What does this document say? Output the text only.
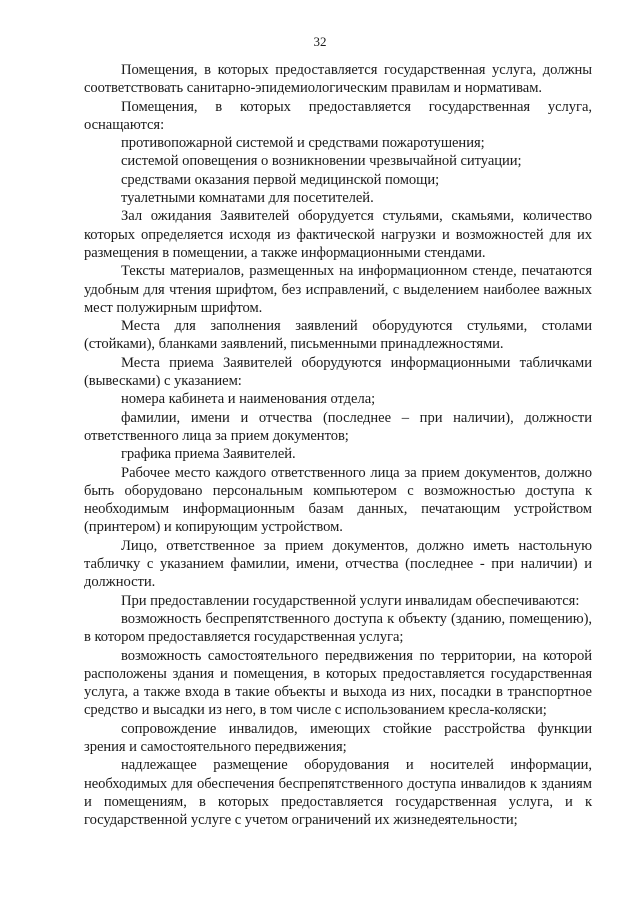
32

Помещения, в которых предоставляется государственная услуга, должны соответствовать санитарно-эпидемиологическим правилам и нормативам.

Помещения, в которых предоставляется государственная услуга, оснащаются:

противопожарной системой и средствами пожаротушения;

системой оповещения о возникновении чрезвычайной ситуации;

средствами оказания первой медицинской помощи;

туалетными комнатами для посетителей.

Зал ожидания Заявителей оборудуется стульями, скамьями, количество которых определяется исходя из фактической нагрузки и возможностей для их размещения в помещении, а также информационными стендами.

Тексты материалов, размещенных на информационном стенде, печатаются удобным для чтения шрифтом, без исправлений, с выделением наиболее важных мест полужирным шрифтом.

Места для заполнения заявлений оборудуются стульями, столами (стойками), бланками заявлений, письменными принадлежностями.

Места приема Заявителей оборудуются информационными табличками (вывесками) с указанием:

номера кабинета и наименования отдела;

фамилии, имени и отчества (последнее – при наличии), должности ответственного лица за прием документов;

графика приема Заявителей.

Рабочее место каждого ответственного лица за прием документов, должно быть оборудовано персональным компьютером с возможностью доступа к необходимым информационным базам данных, печатающим устройством (принтером) и копирующим устройством.

Лицо, ответственное за прием документов, должно иметь настольную табличку с указанием фамилии, имени, отчества (последнее - при наличии) и должности.

При предоставлении государственной услуги инвалидам обеспечиваются:

возможность беспрепятственного доступа к объекту (зданию, помещению), в котором предоставляется государственная услуга;

возможность самостоятельного передвижения по территории, на которой расположены здания и помещения, в которых предоставляется государственная услуга, а также входа в такие объекты и выхода из них, посадки в транспортное средство и высадки из него, в том числе с использованием кресла-коляски;

сопровождение инвалидов, имеющих стойкие расстройства функции зрения и самостоятельного передвижения;

надлежащее размещение оборудования и носителей информации, необходимых для обеспечения беспрепятственного доступа инвалидов к зданиям и помещениям, в которых предоставляется государственная услуга, и к государственной услуге с учетом ограничений их жизнедеятельности;
